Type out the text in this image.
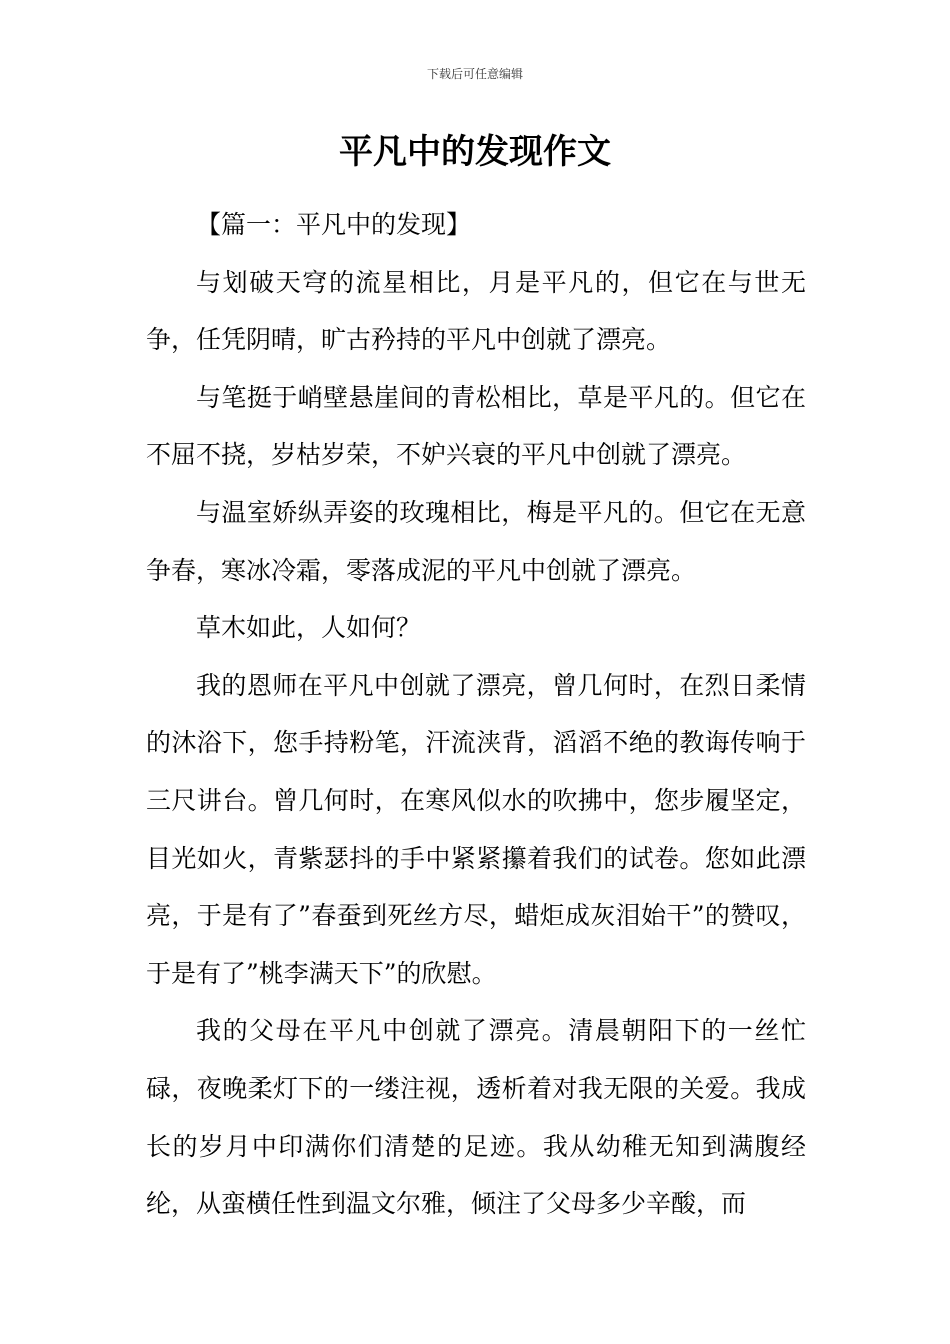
下载后可任意编辑
平凡中的发现作文

【篇一：平凡中的发现】

与划破天穹的流星相比，月是平凡的，但它在与世无争，任凭阴晴，旷古矜持的平凡中创就了漂亮。

与笔挺于峭壁悬崖间的青松相比，草是平凡的。但它在不屈不挠，岁枯岁荣，不妒兴衰的平凡中创就了漂亮。

与温室娇纵弄姿的玫瑰相比，梅是平凡的。但它在无意争春，寒冰冷霜，零落成泥的平凡中创就了漂亮。

草木如此，人如何？

我的恩师在平凡中创就了漂亮，曾几何时，在烈日柔情的沐浴下，您手持粉笔，汗流浃背，滔滔不绝的教诲传响于三尺讲台。曾几何时，在寒风似水的吹拂中，您步履坚定，目光如火，青紫瑟抖的手中紧紧攥着我们的试卷。您如此漂亮，于是有了”春蚕到死丝方尽，蜡炬成灰泪始干”的赞叹，于是有了”桃李满天下”的欣慰。

我的父母在平凡中创就了漂亮。清晨朝阳下的一丝忙碌，夜晚柔灯下的一缕注视，透析着对我无限的关爱。我成长的岁月中印满你们清楚的足迹。我从幼稚无知到满腹经纶，从蛮横任性到温文尔雅，倾注了父母多少辛酸，而
